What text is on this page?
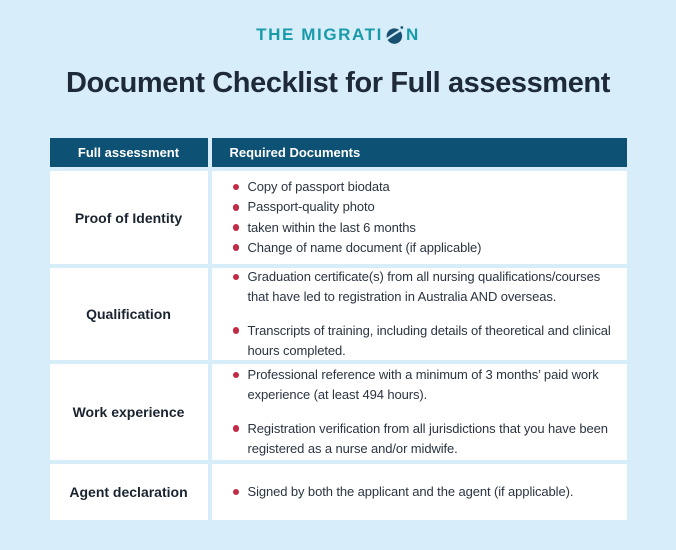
THE MIGRATI N
Document Checklist for Full assessment
Full assessment	Required Documents
Proof of Identity
Copy of passport biodata
Passport-quality photo
taken within the last 6 months
Change of name document (if applicable)
Qualification
Graduation certificate(s) from all nursing qualifications/courses that have led to registration in Australia AND overseas.
Transcripts of training, including details of theoretical and clinical hours completed.
Work experience
Professional reference with a minimum of 3 months’ paid work experience (at least 494 hours).
Registration verification from all jurisdictions that you have been registered as a nurse and/or midwife.
Agent declaration	Signed by both the applicant and the agent (if applicable).
